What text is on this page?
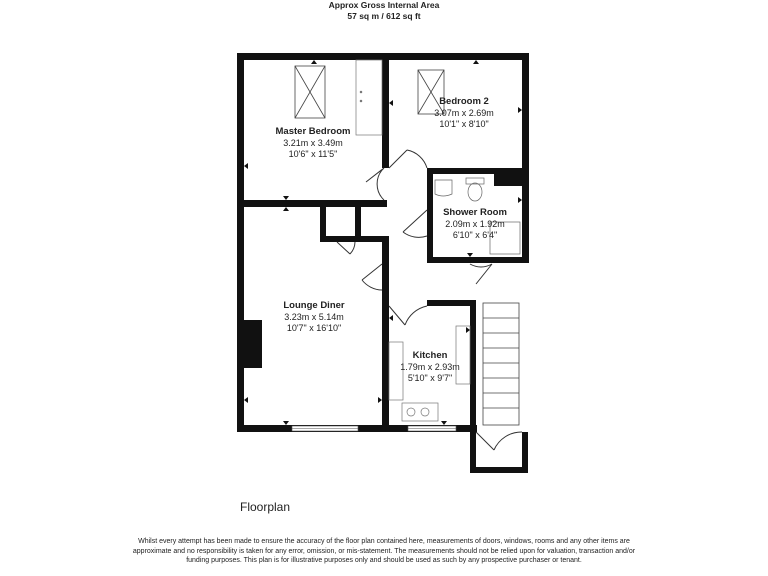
Approx Gross Internal Area
57 sq m / 612 sq ft
Master Bedroom
3.21m x 3.49m
10'6" x 11'5"
Bedroom 2
3.07m x 2.69m
10'1" x 8'10"
Shower Room
2.09m x 1.92m
6'10" x 6'4"
Lounge Diner
3.23m x 5.14m
10'7" x 16'10"
Kitchen
1.79m x 2.93m
5'10" x 9'7"
Floorplan
Whilst every attempt has been made to ensure the accuracy of the floor plan contained here, measurements of doors, windows, rooms and any other items are approximate and no responsibility is taken for any error, omission, or mis-statement. The measurements should not be relied upon for valuation, transaction and/or funding purposes. This plan is for illustrative purposes only and should be used as such by any prospective purchaser or tenant.
